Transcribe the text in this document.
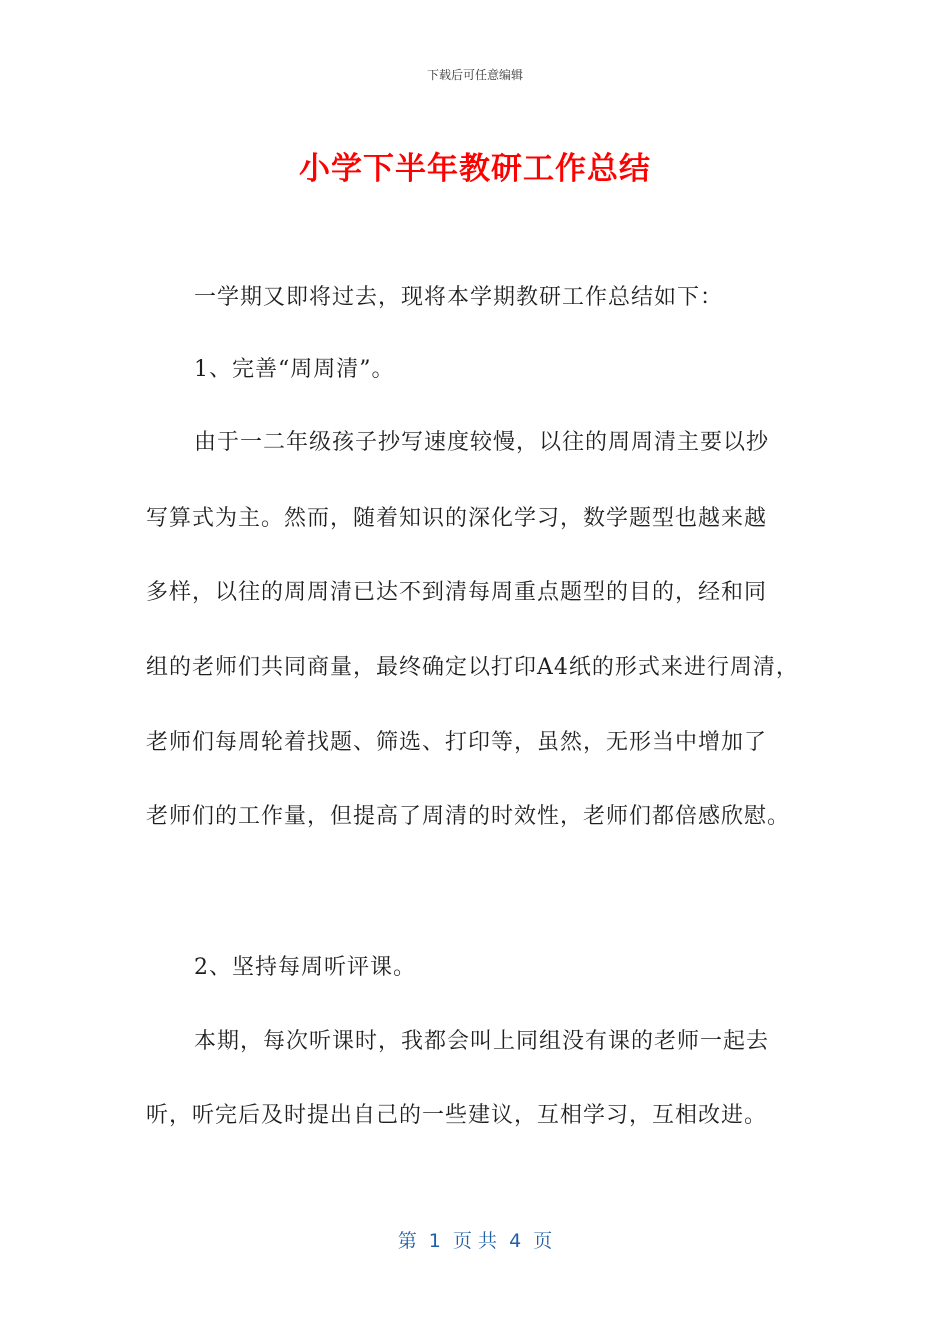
下载后可任意编辑
小学下半年教研工作总结
一学期又即将过去，现将本学期教研工作总结如下：
1、完善“周周清”。
由于一二年级孩子抄写速度较慢，以往的周周清主要以抄
写算式为主。然而，随着知识的深化学习，数学题型也越来越
多样，以往的周周清已达不到清每周重点题型的目的，经和同
组的老师们共同商量，最终确定以打印A4纸的形式来进行周清，
老师们每周轮着找题、筛选、打印等，虽然，无形当中增加了
老师们的工作量，但提高了周清的时效性，老师们都倍感欣慰。
2、坚持每周听评课。
本期，每次听课时，我都会叫上同组没有课的老师一起去
听，听完后及时提出自己的一些建议，互相学习，互相改进。
第  1  页 共  4  页
